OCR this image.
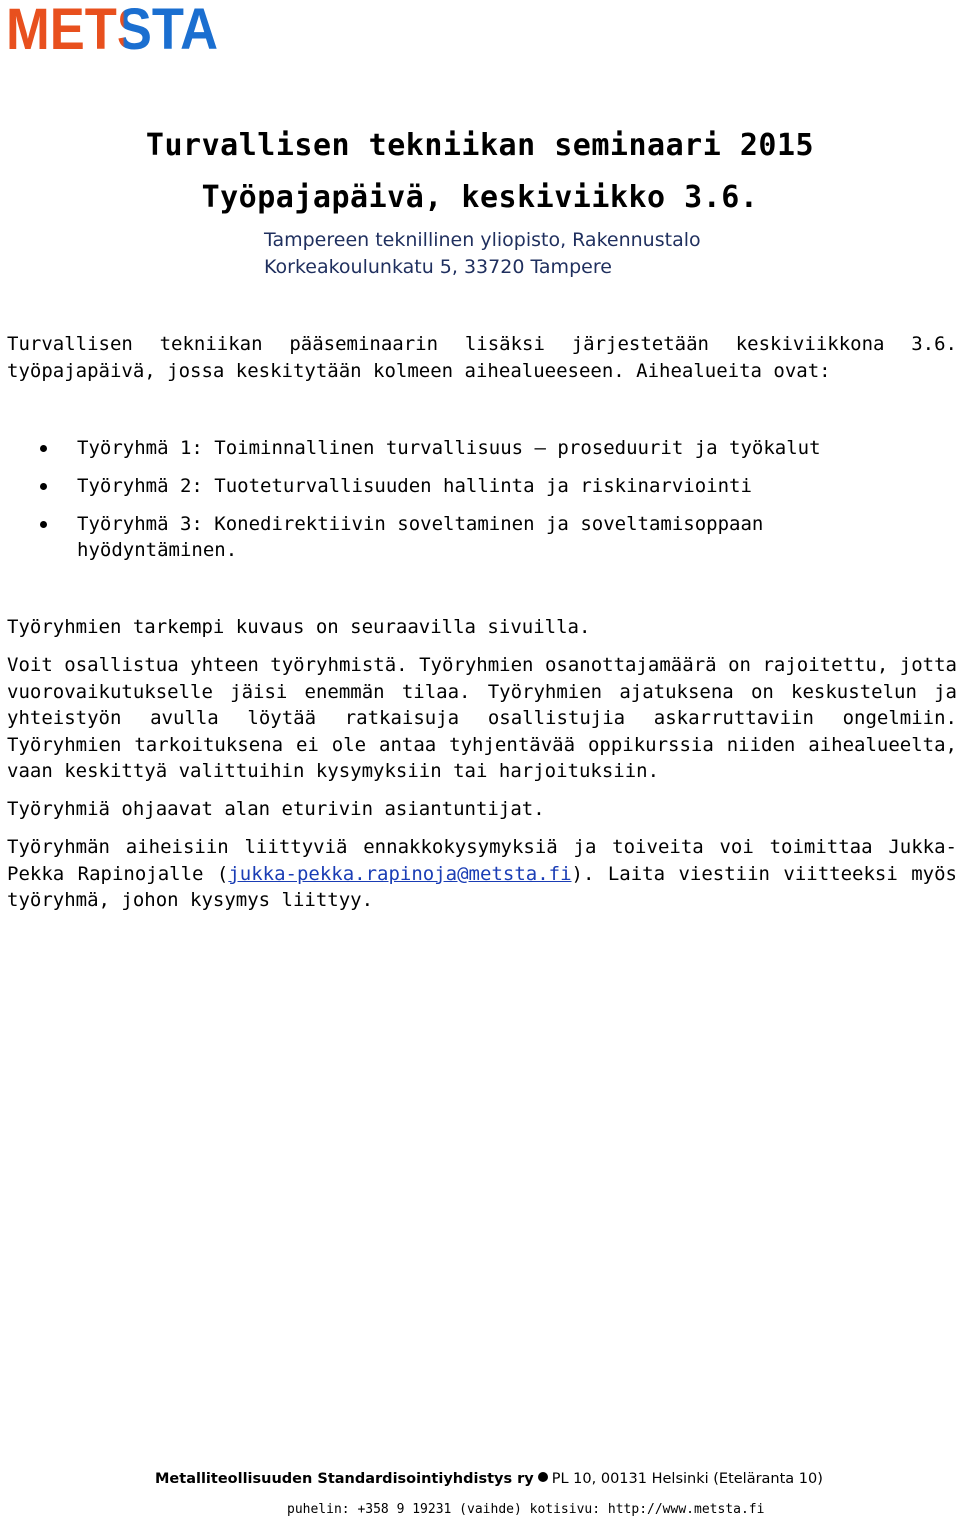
METSTA
Turvallisen tekniikan seminaari 2015
Työpajapäivä, keskiviikko 3.6.
Tampereen teknillinen yliopisto, Rakennustalo
Korkeakoulunkatu 5, 33720 Tampere
Turvallisen tekniikan pääseminaarin lisäksi järjestetään keskiviikkona 3.6.
työpajapäivä, jossa keskitytään kolmeen aihealueeseen. Aihealueita ovat:
Työryhmä 1: Toiminnallinen turvallisuus – proseduurit ja työkalut
Työryhmä 2: Tuoteturvallisuuden hallinta ja riskinarviointi
Työryhmä 3: Konedirektiivin soveltaminen ja soveltamisoppaan hyödyntäminen.
Työryhmien tarkempi kuvaus on seuraavilla sivuilla.
Voit osallistua yhteen työryhmistä. Työryhmien osanottajamäärä on rajoitettu, jotta vuorovaikutukselle jäisi enemmän tilaa. Työryhmien ajatuksena on keskustelun ja yhteistyön avulla löytää ratkaisuja osallistujia askarruttaviin ongelmiin. Työryhmien tarkoituksena ei ole antaa tyhjentävää oppikurssia niiden aihealueelta, vaan keskittyä valittuihin kysymyksiin tai harjoituksiin.
Työryhmiä ohjaavat alan eturivin asiantuntijat.
Työryhmän aiheisiin liittyviä ennakkokysymyksiä ja toiveita voi toimittaa Jukka-Pekka Rapinojalle (jukka-pekka.rapinoja@metsta.fi). Laita viestiin viitteeksi myös työryhmä, johon kysymys liittyy.
Metalliteollisuuden Standardisointiyhdistys ry PL 10, 00131 Helsinki (Eteläranta 10)
puhelin: +358 9 19231 (vaihde) kotisivu: http://www.metsta.fi
